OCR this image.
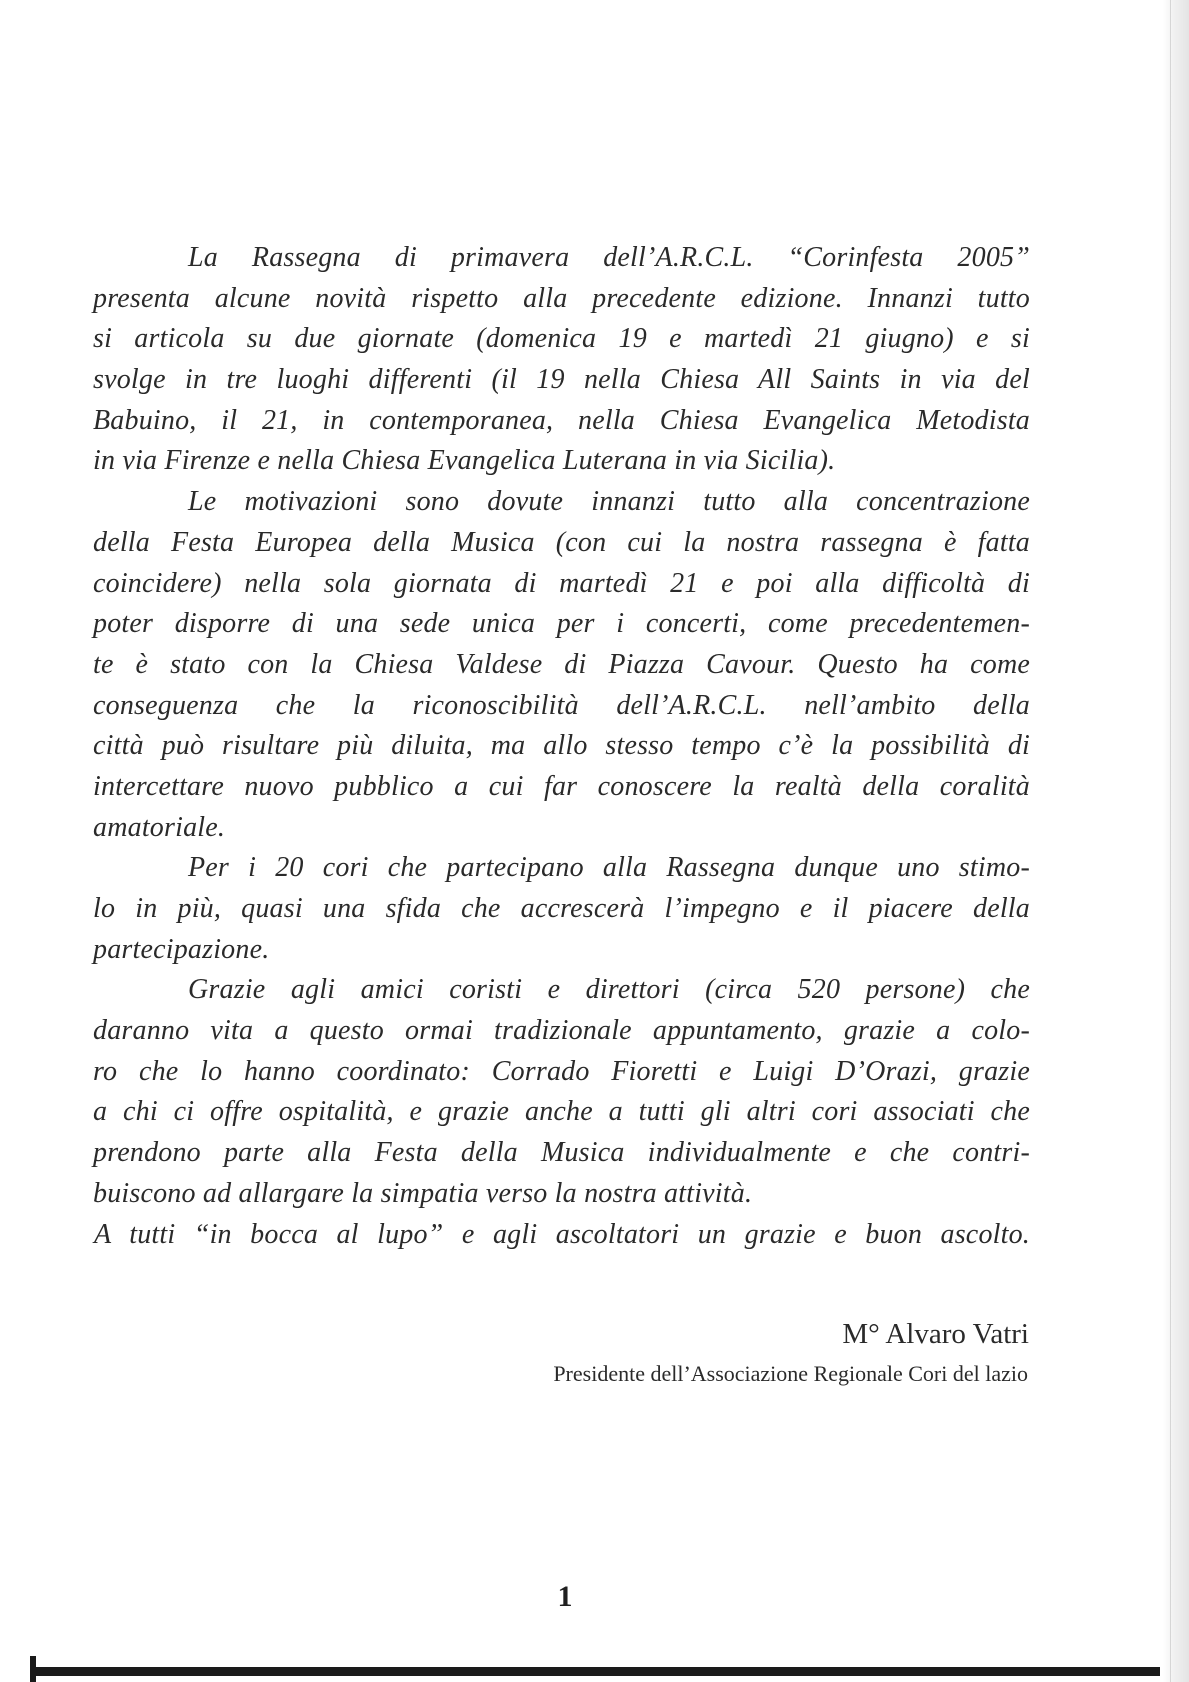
La Rassegna di primavera dell’A.R.C.L. “Corinfesta 2005”
presenta alcune novità rispetto alla precedente edizione. Innanzi tutto
si articola su due giornate (domenica 19 e martedì 21 giugno) e si
svolge in tre luoghi differenti (il 19 nella Chiesa All Saints in via del
Babuino, il 21, in contemporanea, nella Chiesa Evangelica Metodista
in via Firenze e nella Chiesa Evangelica Luterana in via Sicilia).
Le motivazioni sono dovute innanzi tutto alla concentrazione
della Festa Europea della Musica (con cui la nostra rassegna è fatta
coincidere) nella sola giornata di martedì 21 e poi alla difficoltà di
poter disporre di una sede unica per i concerti, come precedentemen-
te è stato con la Chiesa Valdese di Piazza Cavour. Questo ha come
conseguenza che la riconoscibilità dell’A.R.C.L. nell’ambito della
città può risultare più diluita, ma allo stesso tempo c’è la possibilità di
intercettare nuovo pubblico a cui far conoscere la realtà della coralità
amatoriale.
Per i 20 cori che partecipano alla Rassegna dunque uno stimo-
lo in più, quasi una sfida che accrescerà l’impegno e il piacere della
partecipazione.
Grazie agli amici coristi e direttori (circa 520 persone) che
daranno vita a questo ormai tradizionale appuntamento, grazie a colo-
ro che lo hanno coordinato: Corrado Fioretti e Luigi D’Orazi, grazie
a chi ci offre ospitalità, e grazie anche a tutti gli altri cori associati che
prendono parte alla Festa della Musica individualmente e che contri-
buiscono ad allargare la simpatia verso la nostra attività.
A tutti “in bocca al lupo” e agli ascoltatori un grazie e buon ascolto.
M° Alvaro Vatri
Presidente dell’Associazione Regionale Cori del lazio
1
